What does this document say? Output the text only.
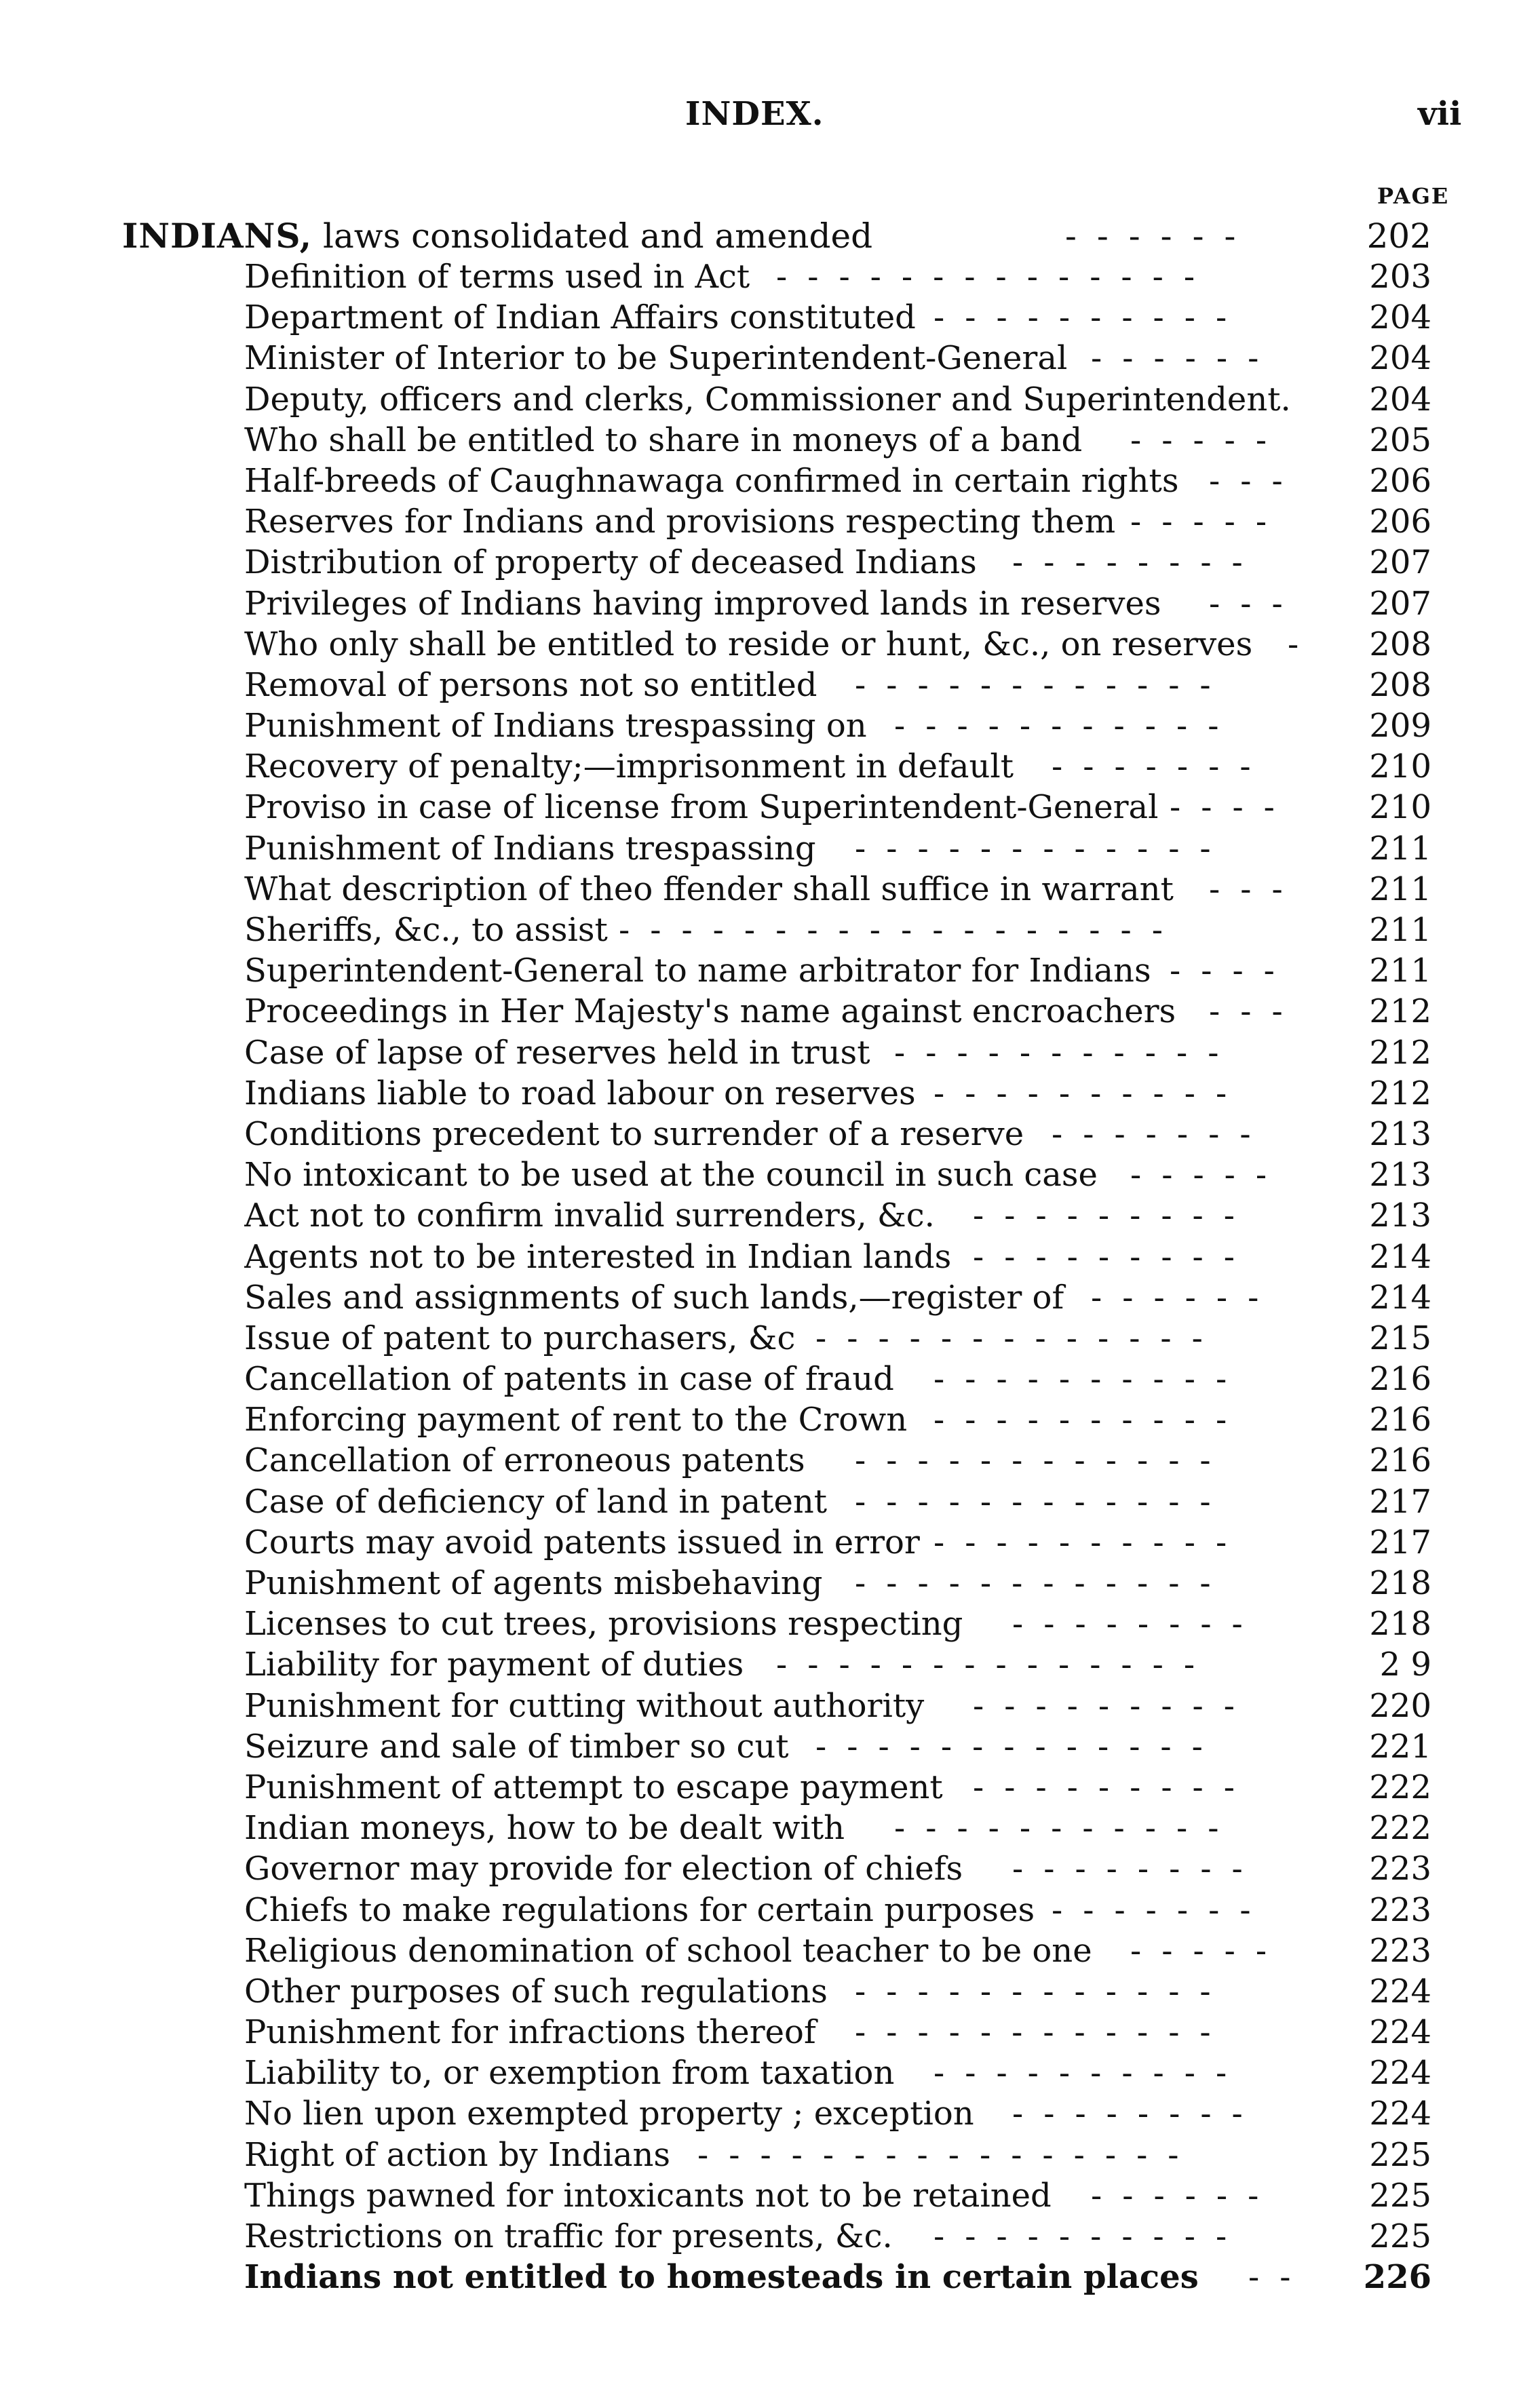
INDEX.	vii
PAGE
INDIANS, laws consolidated and amended	------	202
Definition of terms used in Act	203
--------------
Department of Indian Affairs constituted	204
----------
Minister of Interior to be Superintendent-General	204
------
Deputy, officers and clerks, Commissioner and Superintendent.	204
Who shall be entitled to share in moneys of a band	205
-----
Half-breeds of Caughnawaga confirmed in certain rights	206
---
Reserves for Indians and provisions respecting them	206
-----
Distribution of property of deceased Indians	207
--------
Privileges of Indians having improved lands in reserves	207
---
Who only shall be entitled to reside or hunt, &c., on reserves	208
-
Removal of persons not so entitled	208
------------
Punishment of Indians trespassing on	209
-----------
Recovery of penalty;—imprisonment in default	210
-------
Proviso in case of license from Superintendent-General	210
----
Punishment of Indians trespassing	211
------------
What description of theo ffender shall suffice in warrant	211
---
Sheriffs, &c., to assist	211
------------------
Superintendent-General to name arbitrator for Indians	211
----
Proceedings in Her Majesty's name against encroachers	212
---
Case of lapse of reserves held in trust	212
-----------
Indians liable to road labour on reserves	212
----------
Conditions precedent to surrender of a reserve	213
-------
No intoxicant to be used at the council in such case	213
-----
Act not to confirm invalid surrenders, &c.	213
---------
Agents not to be interested in Indian lands	214
---------
Sales and assignments of such lands,—register of	214
------
Issue of patent to purchasers, &c	215
-------------
Cancellation of patents in case of fraud	216
----------
Enforcing payment of rent to the Crown	216
----------
Cancellation of erroneous patents	216
------------
Case of deficiency of land in patent	217
------------
Courts may avoid patents issued in error	217
----------
Punishment of agents misbehaving	218
------------
Licenses to cut trees, provisions respecting	218
--------
Liability for payment of duties	2 9
--------------
Punishment for cutting without authority	220
---------
Seizure and sale of timber so cut	221
-------------
Punishment of attempt to escape payment	222
---------
Indian moneys, how to be dealt with	222
-----------
Governor may provide for election of chiefs	223
--------
Chiefs to make regulations for certain purposes	223
-------
Religious denomination of school teacher to be one	223
-----
Other purposes of such regulations	224
------------
Punishment for infractions thereof	224
------------
Liability to, or exemption from taxation	224
----------
No lien upon exempted property ; exception	224
--------
Right of action by Indians	225
----------------
Things pawned for intoxicants not to be retained	225
------
Restrictions on traffic for presents, &c.	225
----------
Indians not entitled to homesteads in certain places	226
--
